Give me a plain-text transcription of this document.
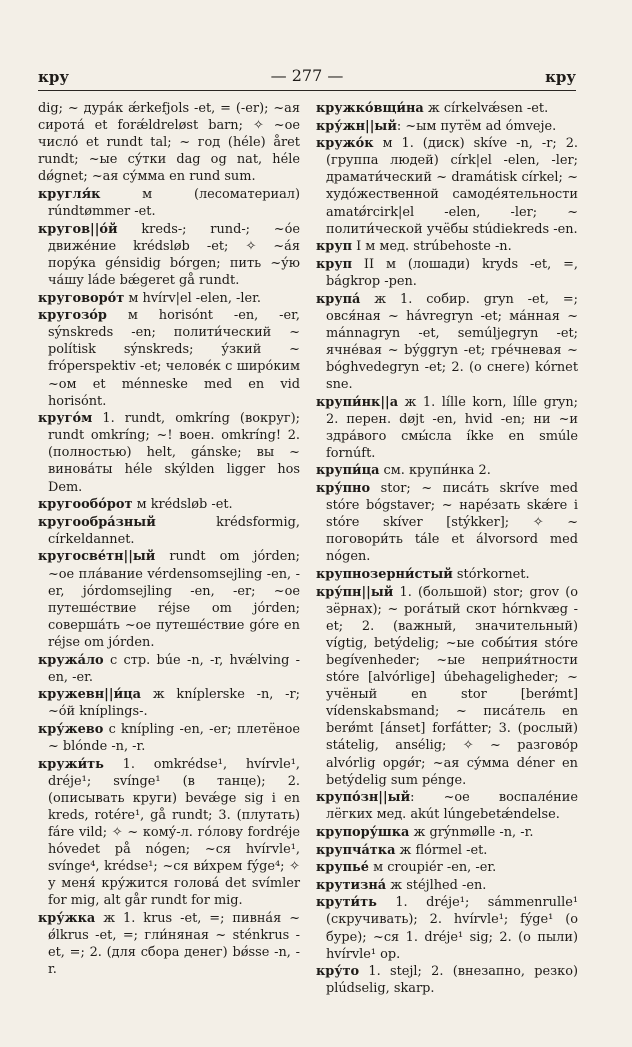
кру	— 277 —	кру

dig; ~ дура́к ǽrkefjols -et, = (-er); ~ая сирота́ et forǽldreløst barn; ✧ ~ое число́ et rundt tal; ~ год (hélе) året rundt; ~ые су́тки dag og nat, héle dǿgnet; ~ая су́мма en rund sum.

кругля́к м (лесоматериал) rúndtømmer -et.

кругов||о́й kreds-; rund-; ~о́е движе́ние krédsløb -et; ✧ ~а́я пору́ка génsidig bórgen; пить ~у́ю ча́шу láde bǽgeret gå rundt.

круговоро́т м hvírv|el -elen, -ler.

кругозо́р м horisónt -en, -er, sýnskreds -en; полити́ческий ~ polítisk sýnskreds; у́зкий ~ frόperspektiv -et; челове́к с широ́ким ~ом et ménneske med en vid horisónt.

круго́м 1. rundt, omkríng (вокруг); rundt omkríng; ~! воен. omkríng! 2. (полностью) helt, gánske; вы ~ винова́ты héle skýlden ligger hos Dem.

кругообо́рот м krédsløb -et.

кругообра́зный krédsformig, církeldannet.

кругосве́тн||ый rundt om jórden; ~ое пла́вание vérdensomsejling -en, -er, jórdomsejling -en, -er; ~ое путеше́ствие réjse om jórden; соверша́ть ~ое путеше́ствие góre en réjse om jórden.

кружа́ло с стр. búe -n, -r, hvǽlving -en, -er.

кружевн||и́ца ж kníplerske -n, -r; ~о́й kníplings-.

кру́жево с knípling -en, -er; плетёное ~ blónde -n, -r.

кружи́ть 1. omkrédse¹, hvírvle¹, dréje¹; svínge¹ (в танце); 2. (описывать круги) bevǽge sig i en kreds, rotére¹, gå rundt; 3. (плутать) fáre vild; ✧ ~ кому́-л. го́лову fordréje hóvedet på nógen; ~ся hvírvle¹, svínge⁴, krédse¹; ~ся ви́хрем fýge⁴; ✧ у меня́ кру́жится голова́ det svímler for mig, alt går rundt for mig.

кру́жка ж 1. krus -et, =; пивна́я ~ ǿlkrus -et, =; гли́няная ~ sténkrus -et, =; 2. (для сбора денег) bǿsse -n, -r.

кружко́вщи́на ж církelvǽsen -et.

кру́жн||ый: ~ым путём ad ómveje.

кружо́к м 1. (диск) skíve -n, -r; 2. (группа людей) círk|el -elen, -ler; драмати́ческий ~ dramátisk církel; ~ худо́жественной самоде́ятельности amatǿrcirk|el -elen, -ler; ~ полити́ческой учёбы stúdiekreds -en.

круп I м мед. strúbehoste -n.

круп II м (лошади) kryds -et, =, bágkrop -pen.

крупа́ ж 1. собир. gryn -et, =; овся́ная ~ hávregryn -et; ма́нная ~ mánnagryn -et, semúljegryn -et; ячне́вая ~ býggryn -et; гре́чневая ~ bóghvedegryn -et; 2. (о снеге) kórnet sne.

крупи́нк||а ж 1. lílle korn, lílle gryn; 2. перен. døjt -en, hvid -en; ни ~и здра́вого смы́сла íkke en smúle fornúft.

крупи́ца см. крупи́нка 2.

кру́пно stor; ~ писа́ть skríve med stóre bógstaver; ~ наре́зать skǽre i stóre skíver [stýkker]; ✧ ~ поговори́ть tále et álvorsord med nógen.

крупнозерни́стый stórkornet.

кру́пн||ый 1. (большой) stor; grov (о зёрнах); ~ рога́тый скот hórnkvæg -et; 2. (важный, значительный) vígtig, betýdelig; ~ые собы́тия stóre begívenheder; ~ые неприя́тности stóre [alvórlige] úbehageligheder; ~ учёный en stor [berǿmt] vídenskabsmand; ~ писа́тель en berǿmt [ánset] forfátter; 3. (рослый) státelig, ansélig; ✧ ~ разгово́р alvórlig opgǿr; ~ая су́мма déner en betýdelig sum pénge.

крупо́зн||ый: ~ое воспале́ние лёгких мед. akút lúngebetǽndelse.

крупору́шка ж grýnmølle -n, -r.

крупча́тка ж flórmel -et.

крупье́ м croupiér -en, -er.

крутизна́ ж stéjlhed -en.

крути́ть 1. dréje¹; sámmenrulle¹ (скручивать); 2. hvírvle¹; fýge¹ (о буре); ~ся 1. dréje¹ sig; 2. (о пыли) hvírvle¹ op.

кру́то 1. stejl; 2. (внезапно, резко) plúdselig, skarp.
